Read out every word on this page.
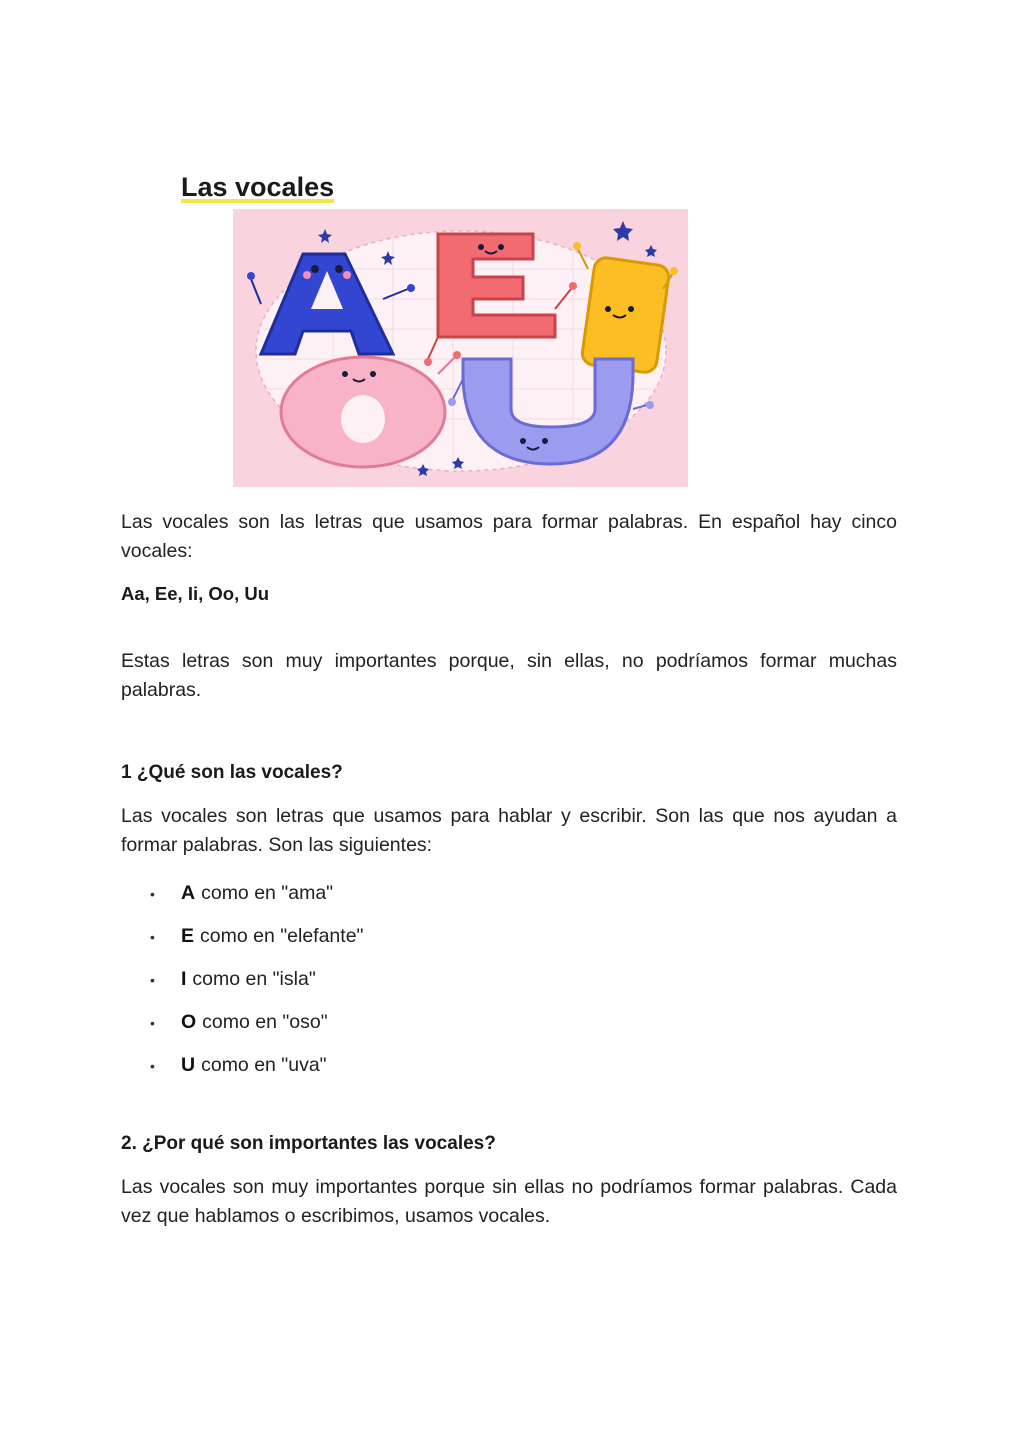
Las vocales

Las vocales son las letras que usamos para formar palabras. En español hay cinco vocales:

Aa, Ee, Ii, Oo, Uu

Estas letras son muy importantes porque, sin ellas, no podríamos formar muchas palabras.

1 ¿Qué son las vocales?

Las vocales son letras que usamos para hablar y escribir. Son las que nos ayudan a formar palabras. Son las siguientes:

•	A como en "ama"
•	E como en "elefante"
•	I como en "isla"
•	O como en "oso"
•	U como en "uva"
2. ¿Por qué son importantes las vocales?

Las vocales son muy importantes porque sin ellas no podríamos formar palabras. Cada vez que hablamos o escribimos, usamos vocales.
